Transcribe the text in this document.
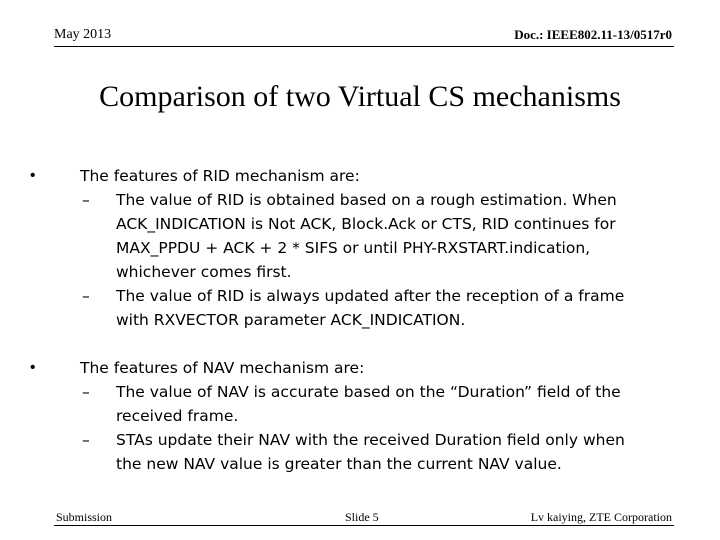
May 2013	Doc.: IEEE802.11-13/0517r0
Comparison of two Virtual CS mechanisms
•	The features of RID mechanism are:
– The value of RID is obtained based on a rough estimation. When
ACK_INDICATION is Not ACK, Block.Ack or CTS, RID continues for
MAX_PPDU + ACK + 2 * SIFS or until PHY-RXSTART.indication,
whichever comes first.
– The value of RID is always updated after the reception of a frame
with RXVECTOR parameter ACK_INDICATION.
•	The features of NAV mechanism are:
– The value of NAV is accurate based on the “Duration” field of the
received frame.
– STAs update their NAV with the received Duration field only when
the new NAV value is greater than the current NAV value.
Submission	Slide 5	Lv kaiying, ZTE Corporation
